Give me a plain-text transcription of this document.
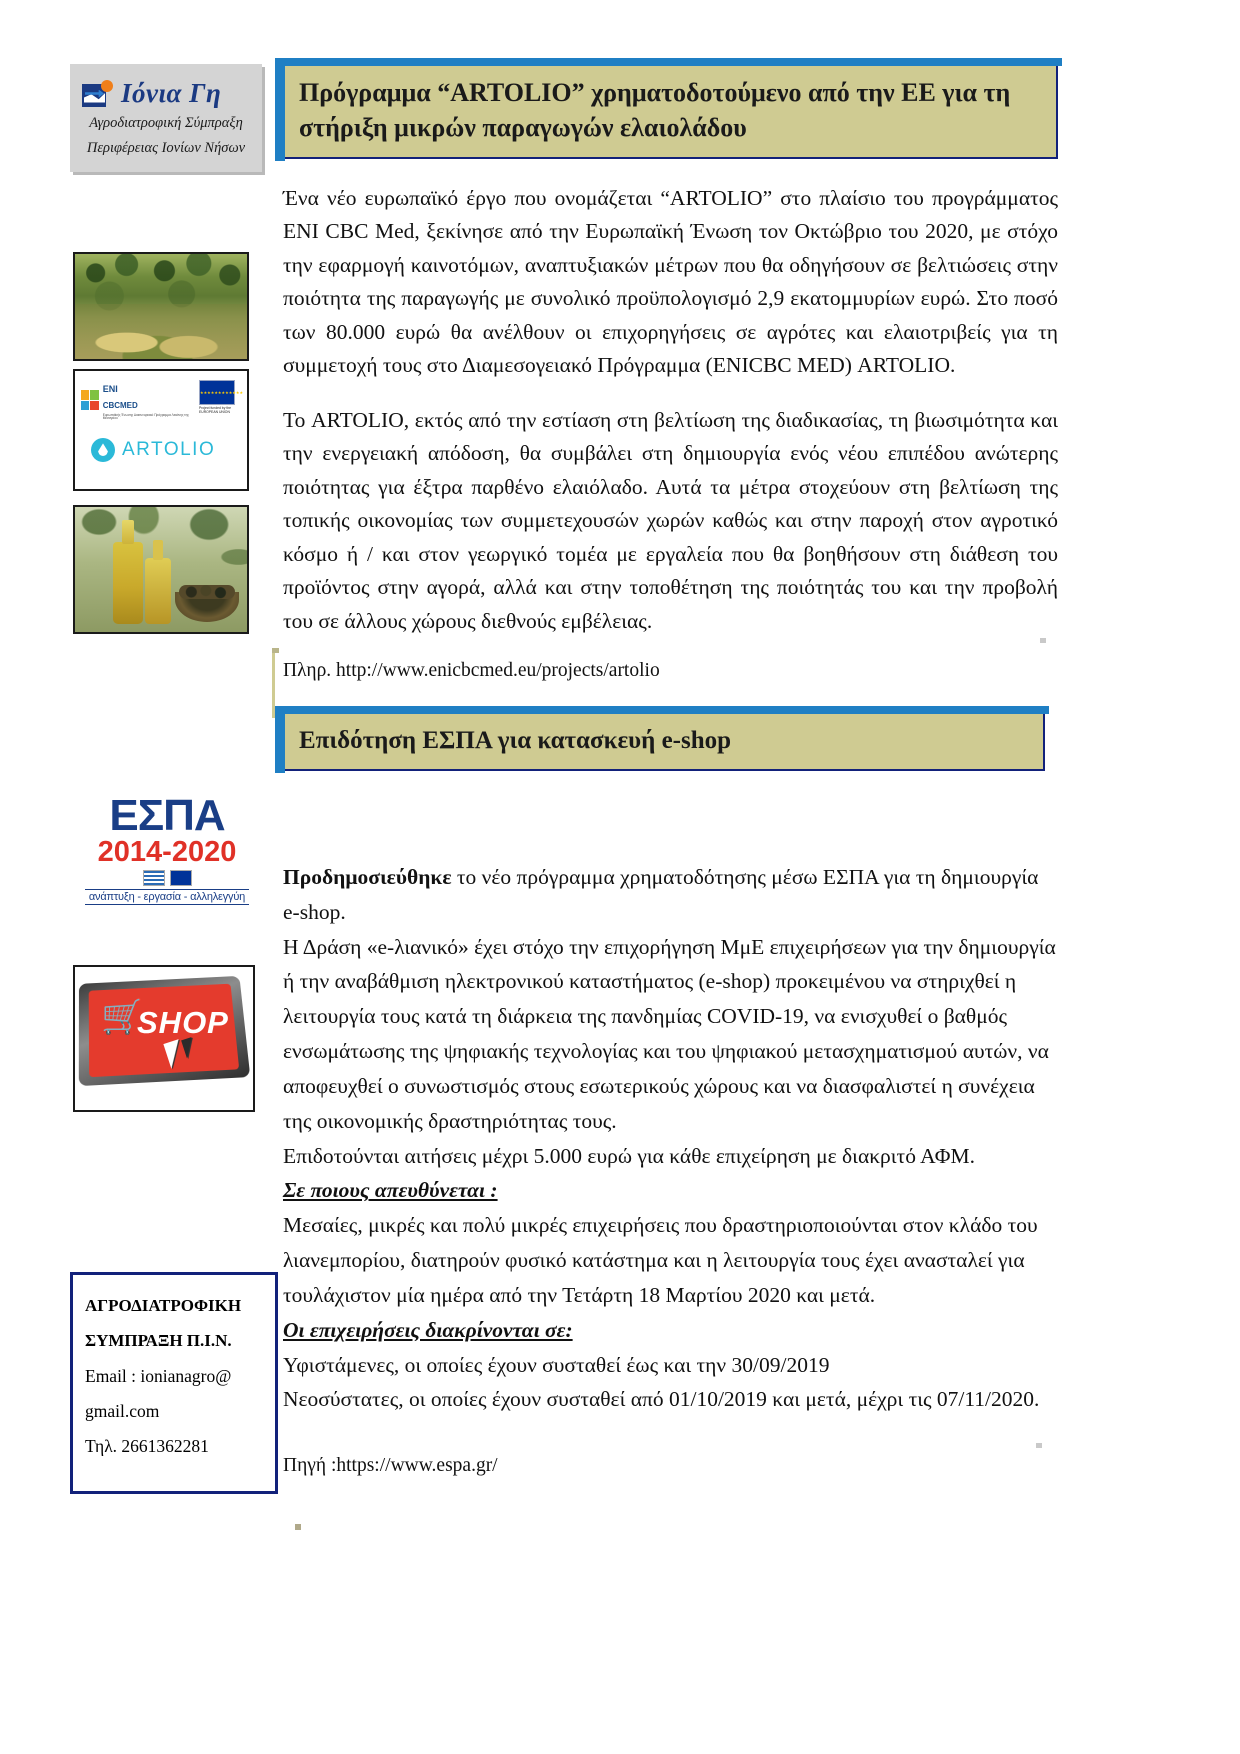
Ιόνια Γη
Αγροδιατροφική Σύμπραξη
Περιφέρειας Ιονίων Νήσων
ENI
CBCMED
Ευρωπαϊκής Ένωσης Διασυνοριακό Πρόγραμμα Λεκάνης της Μεσογείου
★★★★★★★★★★★★
Project funded by the EUROPEAN UNION
ARTOLIO
ΕΣΠΑ
2014-2020
ανάπτυξη - εργασία - αλληλεγγύη
🛒
SHOP
Πρόγραμμα “ARTOLIO” χρηματοδοτούμενο από την ΕΕ για τη στήριξη μικρών παραγωγών ελαιολάδου
Ένα νέο ευρωπαϊκό έργο που ονομάζεται “ARTOLIO” στο πλαίσιο του προγράμματος ENI CBC Med, ξεκίνησε από την Ευρωπαϊκή Ένωση τον Οκτώβριο του 2020, με στόχο την εφαρμογή καινοτόμων, αναπτυξιακών μέτρων που θα οδηγήσουν σε βελτιώσεις στην ποιότητα της παραγωγής με συνολικό προϋπολογισμό 2,9 εκατομμυρίων ευρώ. Στο ποσό των 80.000 ευρώ θα ανέλθουν οι επιχορηγήσεις σε αγρότες και ελαιοτριβείς για τη συμμετοχή τους στο Διαμεσογειακό Πρόγραμμα (ENICBC MED) ARTOLIO.
Το ARTOLIO, εκτός από την εστίαση στη βελτίωση της διαδικασίας, τη βιωσιμότητα και την ενεργειακή απόδοση, θα συμβάλει στη δημιουργία ενός νέου επιπέδου ανώτερης ποιότητας για έξτρα παρθένο ελαιόλαδο. Αυτά τα μέτρα στοχεύουν στη βελτίωση της τοπικής οικονομίας των συμμετεχουσών χωρών καθώς και στην παροχή στον αγροτικό κόσμο ή / και στον γεωργικό τομέα με εργαλεία που θα βοηθήσουν στη διάθεση του προϊόντος στην αγορά, αλλά και στην τοποθέτηση της ποιότητάς του και την προβολή του σε άλλους χώρους διεθνούς εμβέλειας.
Πληρ. http://www.enicbcmed.eu/projects/artolio
Επιδότηση ΕΣΠΑ για κατασκευή e-shop

Προδημοσιεύθηκε το νέο πρόγραμμα χρηματοδότησης μέσω ΕΣΠΑ για τη δημιουργία e-shop.

Η Δράση «e-λιανικό» έχει στόχο την επιχορήγηση ΜμΕ επιχειρήσεων για την δημιουργία ή την αναβάθμιση ηλεκτρονικού καταστήματος (e-shop) προκειμένου να στηριχθεί η λειτουργία τους κατά τη διάρκεια της πανδημίας COVID-19, να ενισχυθεί ο βαθμός ενσωμάτωσης της ψηφιακής τεχνολογίας και του ψηφιακού μετασχηματισμού αυτών, να αποφευχθεί ο συνωστισμός στους εσωτερικούς χώρους και να διασφαλιστεί η συνέχεια της οικονομικής δραστηριότητας τους.

Επιδοτούνται αιτήσεις μέχρι 5.000 ευρώ για κάθε επιχείρηση με διακριτό ΑΦΜ.

Σε ποιους απευθύνεται :

Μεσαίες, μικρές και πολύ μικρές επιχειρήσεις που δραστηριοποιούνται στον κλάδο του λιανεμπορίου, διατηρούν φυσικό κατάστημα και η λειτουργία τους έχει ανασταλεί για τουλάχιστον μία ημέρα από την Τετάρτη 18 Μαρτίου 2020 και μετά.

Οι επιχειρήσεις διακρίνονται σε:

Υφιστάμενες, οι οποίες έχουν συσταθεί έως και την 30/09/2019

Νεοσύστατες, οι οποίες έχουν συσταθεί από 01/10/2019 και μετά, μέχρι τις 07/11/2020.

Πηγή :https://www.espa.gr/
ΑΓΡΟΔΙΑΤΡΟΦΙΚΗ
ΣΥΜΠΡΑΞΗ Π.Ι.Ν.
Email : ionianagro@
gmail.com
Τηλ. 2661362281
